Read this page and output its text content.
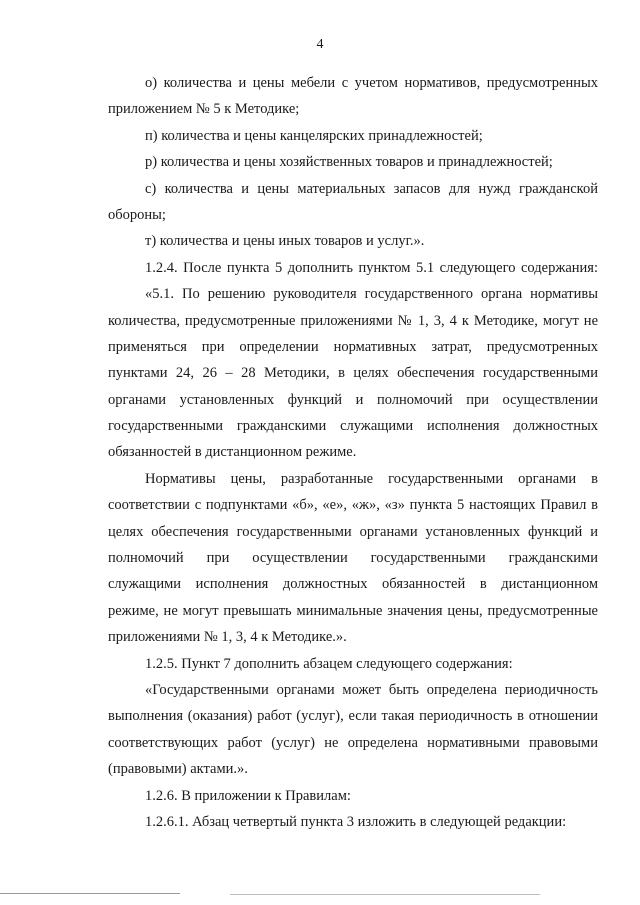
4
о) количества и цены мебели с учетом нормативов, предусмотренных
приложением № 5 к Методике;
п) количества и цены канцелярских принадлежностей;
р) количества и цены хозяйственных товаров и принадлежностей;
с) количества и цены материальных запасов для нужд гражданской
обороны;
т) количества и цены иных товаров и услуг.».
1.2.4. После пункта 5 дополнить пунктом 5.1 следующего содержания:
«5.1. По решению руководителя государственного органа нормативы
количества, предусмотренные приложениями № 1, 3, 4 к Методике, могут не
применяться при определении нормативных затрат, предусмотренных
пунктами 24, 26 – 28 Методики, в целях обеспечения государственными
органами установленных функций и полномочий при осуществлении
государственными гражданскими служащими исполнения должностных
обязанностей в дистанционном режиме.
Нормативы цены, разработанные государственными органами в
соответствии с подпунктами «б», «е», «ж», «з» пункта 5 настоящих Правил в
целях обеспечения государственными органами установленных функций и
полномочий при осуществлении государственными гражданскими
служащими исполнения должностных обязанностей в дистанционном
режиме, не могут превышать минимальные значения цены, предусмотренные
приложениями № 1, 3, 4 к Методике.».
1.2.5. Пункт 7 дополнить абзацем следующего содержания:
«Государственными органами может быть определена периодичность
выполнения (оказания) работ (услуг), если такая периодичность в отношении
соответствующих работ (услуг) не определена нормативными правовыми
(правовыми) актами.».
1.2.6. В приложении к Правилам:
1.2.6.1. Абзац четвертый пункта 3 изложить в следующей редакции:
